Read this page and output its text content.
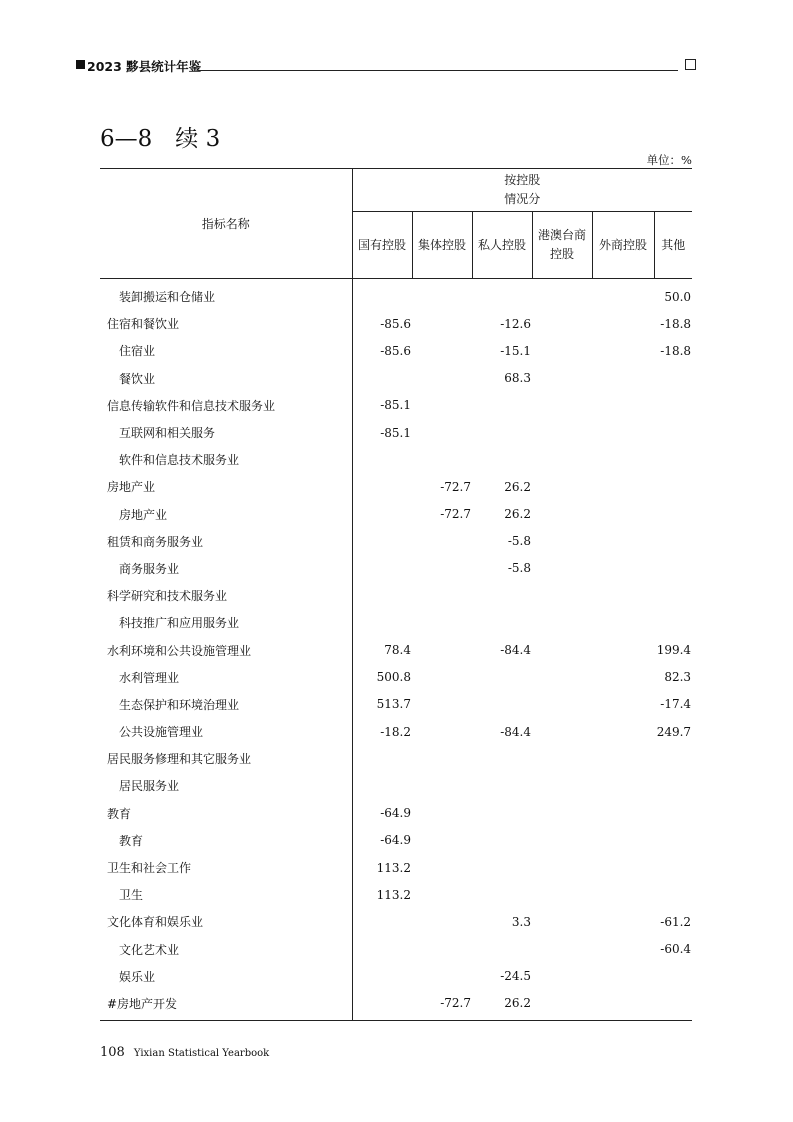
2023 黟县统计年鉴
6—8　续 3
单位：%
指标名称	按控股
情况分					
	国有控股	集体控股	私人控股	港澳台商
控股	外商控股	其他
装卸搬运和仓储业						50.0
住宿和餐饮业	-85.6		-12.6			-18.8
住宿业	-85.6		-15.1			-18.8
餐饮业			68.3			
信息传输软件和信息技术服务业	-85.1					
互联网和相关服务	-85.1					
软件和信息技术服务业						
房地产业		-72.7	26.2			
房地产业		-72.7	26.2			
租赁和商务服务业			-5.8			
商务服务业			-5.8			
科学研究和技术服务业						
科技推广和应用服务业						
水利环境和公共设施管理业	78.4		-84.4			199.4
水利管理业	500.8					82.3
生态保护和环境治理业	513.7					-17.4
公共设施管理业	-18.2		-84.4			249.7
居民服务修理和其它服务业						
居民服务业						
教育	-64.9					
教育	-64.9					
卫生和社会工作	113.2					
卫生	113.2					
文化体育和娱乐业			3.3			-61.2
文化艺术业						-60.4
娱乐业			-24.5			
#房地产开发		-72.7	26.2			
108 Yixian Statistical Yearbook
